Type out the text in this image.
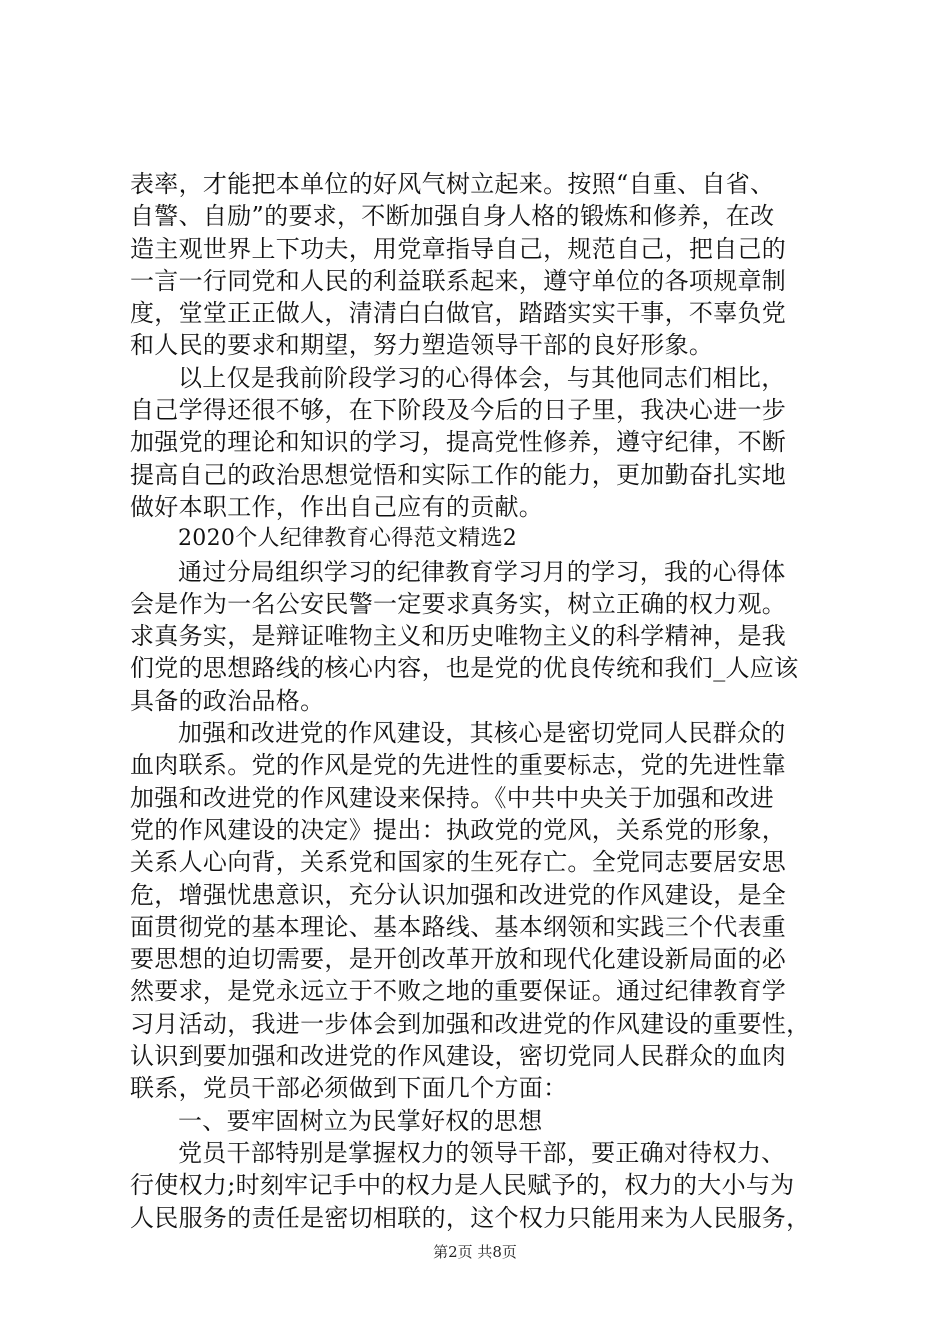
表率，才能把本单位的好风气树立起来。按照“自重、自省、
自警、自励”的要求，不断加强自身人格的锻炼和修养，在改
造主观世界上下功夫，用党章指导自己，规范自己，把自己的
一言一行同党和人民的利益联系起来，遵守单位的各项规章制
度，堂堂正正做人，清清白白做官，踏踏实实干事，不辜负党
和人民的要求和期望，努力塑造领导干部的良好形象。
以上仅是我前阶段学习的心得体会，与其他同志们相比，
自己学得还很不够，在下阶段及今后的日子里，我决心进一步
加强党的理论和知识的学习，提高党性修养，遵守纪律，不断
提高自己的政治思想觉悟和实际工作的能力，更加勤奋扎实地
做好本职工作，作出自己应有的贡献。
2020个人纪律教育心得范文精选2
通过分局组织学习的纪律教育学习月的学习，我的心得体
会是作为一名公安民警一定要求真务实，树立正确的权力观。
求真务实，是辩证唯物主义和历史唯物主义的科学精神，是我
们党的思想路线的核心内容，也是党的优良传统和我们_人应该
具备的政治品格。
加强和改进党的作风建设，其核心是密切党同人民群众的
血肉联系。党的作风是党的先进性的重要标志，党的先进性靠
加强和改进党的作风建设来保持。《中共中央关于加强和改进
党的作风建设的决定》提出：执政党的党风，关系党的形象，
关系人心向背，关系党和国家的生死存亡。全党同志要居安思
危，增强忧患意识，充分认识加强和改进党的作风建设，是全
面贯彻党的基本理论、基本路线、基本纲领和实践三个代表重
要思想的迫切需要，是开创改革开放和现代化建设新局面的必
然要求，是党永远立于不败之地的重要保证。通过纪律教育学
习月活动，我进一步体会到加强和改进党的作风建设的重要性，
认识到要加强和改进党的作风建设，密切党同人民群众的血肉
联系，党员干部必须做到下面几个方面：
一、要牢固树立为民掌好权的思想
党员干部特别是掌握权力的领导干部，要正确对待权力、
行使权力;时刻牢记手中的权力是人民赋予的，权力的大小与为
人民服务的责任是密切相联的，这个权力只能用来为人民服务，
第2页 共8页
